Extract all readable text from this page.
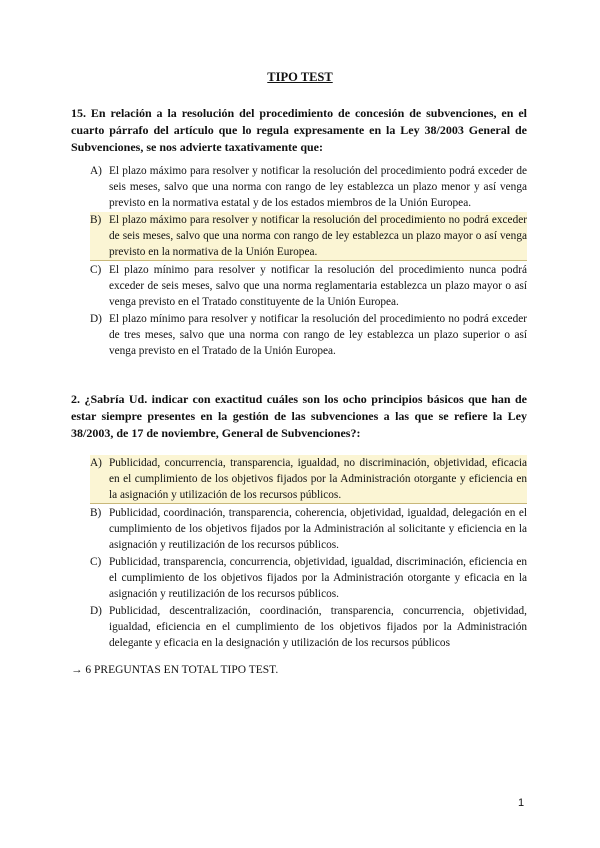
TIPO TEST
15. En relación a la resolución del procedimiento de concesión de subvenciones, en el cuarto párrafo del artículo que lo regula expresamente en la Ley 38/2003 General de Subvenciones, se nos advierte taxativamente que:
A) El plazo máximo para resolver y notificar la resolución del procedimiento podrá exceder de seis meses, salvo que una norma con rango de ley establezca un plazo menor y así venga previsto en la normativa estatal y de los estados miembros de la Unión Europea.
B) El plazo máximo para resolver y notificar la resolución del procedimiento no podrá exceder de seis meses, salvo que una norma con rango de ley establezca un plazo mayor o así venga previsto en la normativa de la Unión Europea.
C) El plazo mínimo para resolver y notificar la resolución del procedimiento nunca podrá exceder de seis meses, salvo que una norma reglamentaria establezca un plazo mayor o así venga previsto en el Tratado constituyente de la Unión Europea.
D) El plazo mínimo para resolver y notificar la resolución del procedimiento no podrá exceder de tres meses, salvo que una norma con rango de ley establezca un plazo superior o así venga previsto en el Tratado de la Unión Europea.
2. ¿Sabría Ud. indicar con exactitud cuáles son los ocho principios básicos que han de estar siempre presentes en la gestión de las subvenciones a las que se refiere la Ley 38/2003, de 17 de noviembre, General de Subvenciones?:
A) Publicidad, concurrencia, transparencia, igualdad, no discriminación, objetividad, eficacia en el cumplimiento de los objetivos fijados por la Administración otorgante y eficiencia en la asignación y utilización de los recursos públicos.
B) Publicidad, coordinación, transparencia, coherencia, objetividad, igualdad, delegación en el cumplimiento de los objetivos fijados por la Administración al solicitante y eficiencia en la asignación y reutilización de los recursos públicos.
C) Publicidad, transparencia, concurrencia, objetividad, igualdad, discriminación, eficiencia en el cumplimiento de los objetivos fijados por la Administración otorgante y eficacia en la asignación y reutilización de los recursos públicos.
D) Publicidad, descentralización, coordinación, transparencia, concurrencia, objetividad, igualdad, eficiencia en el cumplimiento de los objetivos fijados por la Administración delegante y eficacia en la designación y utilización de los recursos públicos
→ 6 PREGUNTAS EN TOTAL TIPO TEST.
1
